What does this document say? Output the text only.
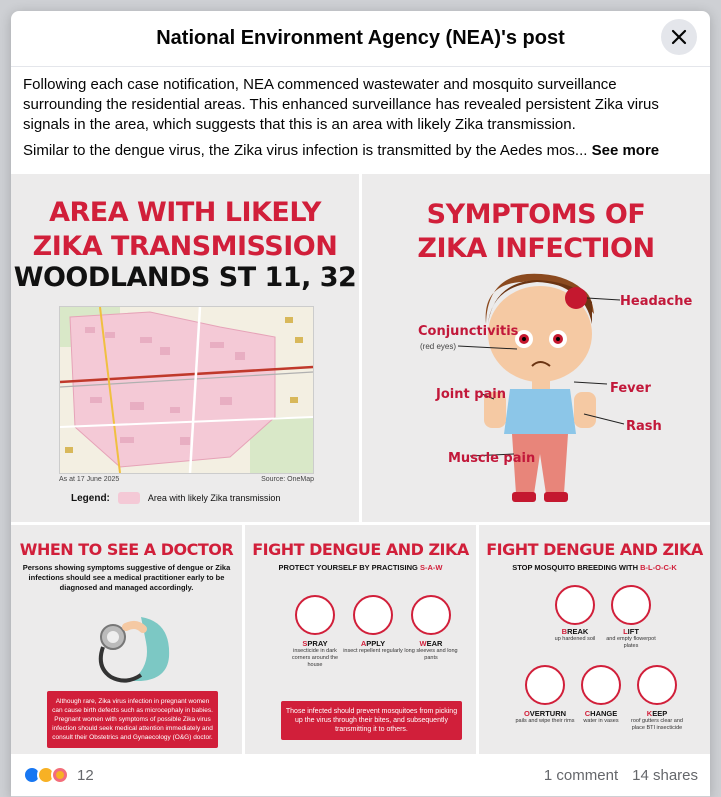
National Environment Agency (NEA)'s post

Following each case notification, NEA commenced wastewater and mosquito surveillance surrounding the residential areas. This enhanced surveillance has revealed persistent Zika virus signals in the area, which suggests that this is an area with likely Zika transmission.

Similar to the dengue virus, the Zika virus infection is transmitted by the Aedes mos... See more

AREA WITH LIKELY
ZIKA TRANSMISSION
WOODLANDS ST 11, 32
As at 17 June 2025	Source: OneMap
Legend:	Area with likely Zika transmission
SYMPTOMS OF
ZIKA INFECTION
Headache
Conjunctivitis
(red eyes)
Fever
Joint pain
Rash
Muscle pain
WHEN TO SEE A DOCTOR
Persons showing symptoms suggestive of dengue or Zika infections should see a medical practitioner early to be diagnosed and managed accordingly.
Although rare, Zika virus infection in pregnant women can cause birth defects such as microcephaly in babies. Pregnant women with symptoms of possible Zika virus infection should seek medical attention immediately and consult their Obstetrics and Gynaecology (O&G) doctor.
FIGHT DENGUE AND ZIKA
PROTECT YOURSELF BY PRACTISING S-A-W
SPRAY
insecticide in dark corners around the house
APPLY
insect repellent regularly
WEAR
long sleeves and long pants
Those infected should prevent mosquitoes from picking up the virus through their bites, and subsequently transmitting it to others.
FIGHT DENGUE AND ZIKA
STOP MOSQUITO BREEDING WITH B-L-O-C-K
BREAK
up hardened soil
LIFT
and empty flowerpot plates
OVERTURN
pails and wipe their rims
CHANGE
water in vases
KEEP
roof gutters clear and place BTI insecticide
12	1 comment 14 shares
